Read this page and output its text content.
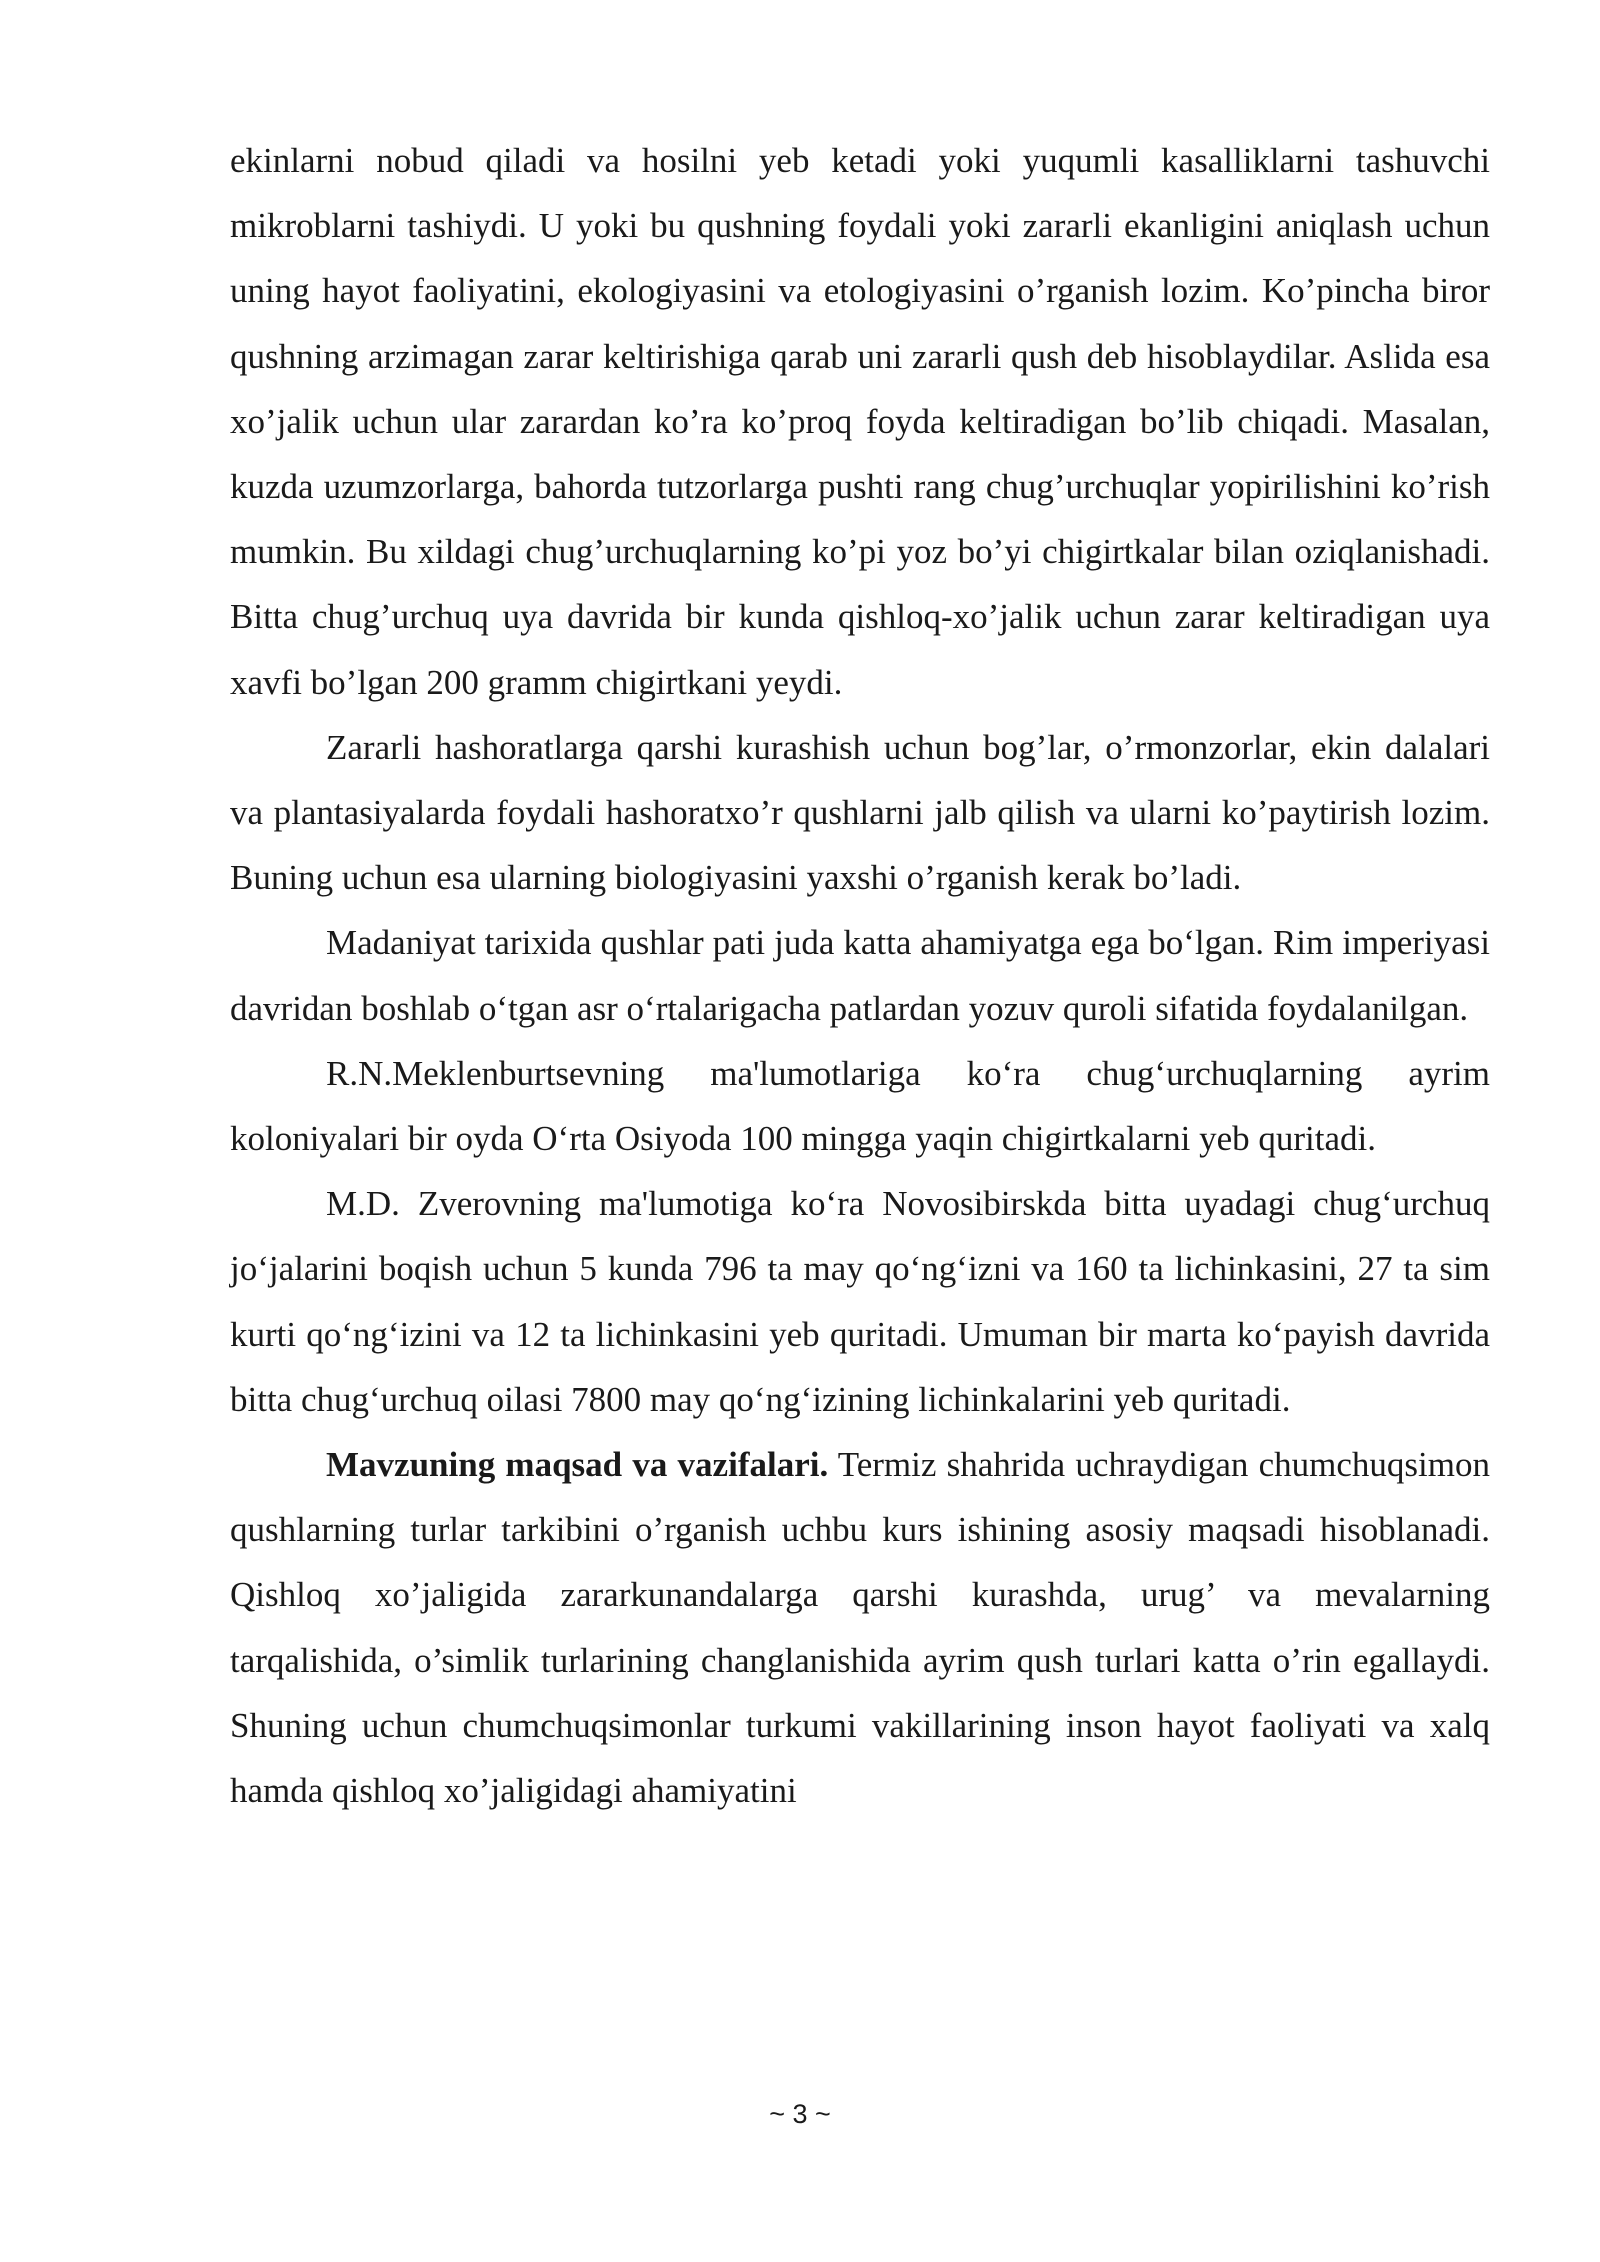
ekinlarni nobud qiladi va hosilni yeb ketadi yoki yuqumli kasalliklarni tashuvchi mikroblarni tashiydi. U yoki bu qushning foydali yoki zararli ekanligini aniqlash uchun uning hayot faoliyatini, ekologiyasini va etologiyasini o’rganish lozim. Ko’pincha biror qushning arzimagan zarar keltirishiga qarab uni zararli qush deb hisoblaydilar. Aslida esa xo’jalik uchun ular zarardan ko’ra ko’proq foyda keltiradigan bo’lib chiqadi. Masalan, kuzda uzumzorlarga, bahorda tutzorlarga pushti rang chug’urchuqlar yopirilishini ko’rish mumkin. Bu xildagi chug’urchuqlarning ko’pi yoz bo’yi chigirtkalar bilan oziqlanishadi. Bitta chug’urchuq uya davrida bir kunda qishloq-xo’jalik uchun zarar keltiradigan uya xavfi bo’lgan 200 gramm chigirtkani yeydi.

Zararli hashoratlarga qarshi kurashish uchun bog’lar, o’rmonzorlar, ekin dalalari va plantasiyalarda foydali hashoratxo’r qushlarni jalb qilish va ularni ko’paytirish lozim. Buning uchun esa ularning biologiyasini yaxshi o’rganish kerak bo’ladi.

Madaniyat tarixida qushlar pati juda katta ahamiyatga ega bo‘lgan. Rim imperiyasi davridan boshlab o‘tgan asr o‘rtalarigacha patlardan yozuv quroli sifatida foydalanilgan.

R.N.Meklenburtsevning ma'lumotlariga ko‘ra chug‘urchuqlarning ayrim koloniyalari bir oyda O‘rta Osiyoda 100 mingga yaqin chigirtkalarni yeb quritadi.

M.D. Zverovning ma'lumotiga ko‘ra Novosibirskda bitta uyadagi chug‘urchuq jo‘jalarini boqish uchun 5 kunda 796 ta may qo‘ng‘izni va 160 ta lichinkasini, 27 ta sim kurti qo‘ng‘izini va 12 ta lichinkasini yeb quritadi. Umuman bir marta ko‘payish davrida bitta chug‘urchuq oilasi 7800 may qo‘ng‘izining lichinkalarini yeb quritadi.

Mavzuning maqsad va vazifalari. Termiz shahrida uchraydigan chumchuqsimon qushlarning turlar tarkibini o’rganish uchbu kurs ishining asosiy maqsadi hisoblanadi. Qishloq xo’jaligida zararkunandalarga qarshi kurashda, urug’ va mevalarning tarqalishida, o’simlik turlarining changlanishida ayrim qush turlari katta o’rin egallaydi. Shuning uchun chumchuqsimonlar turkumi vakillarining inson hayot faoliyati va xalq hamda qishloq xo’jaligidagi ahamiyatini

~ 3 ~
